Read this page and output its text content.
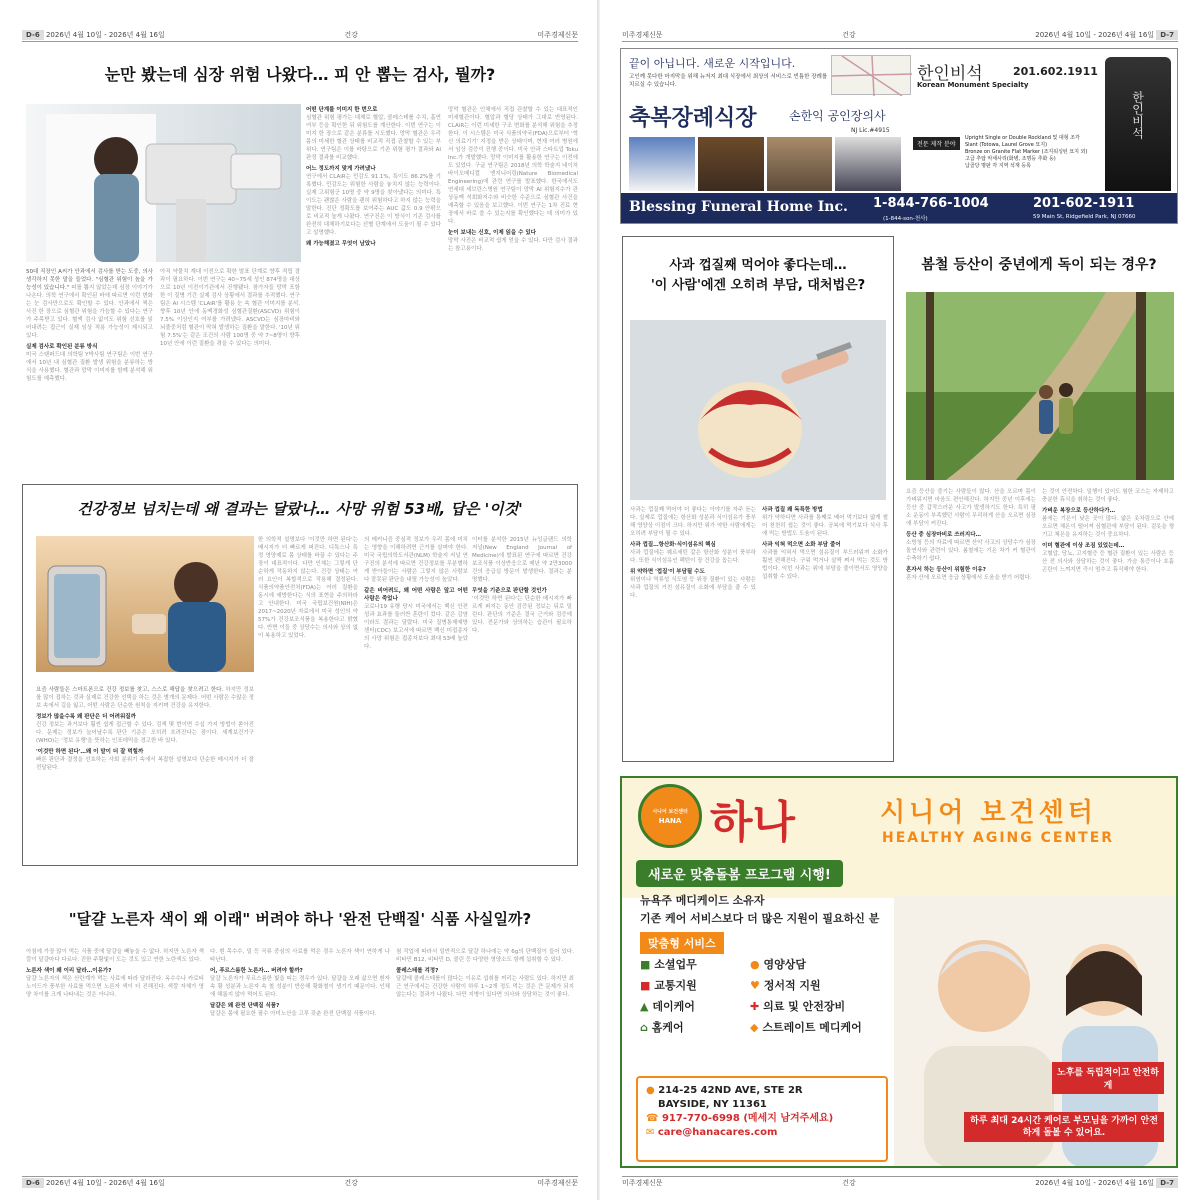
D-6 2026년 4월 10일 - 2026년 4월 16일	건강	미주경제신문
눈만 봤는데 심장 위험 나왔다… 피 안 뽑는 검사, 뭘까?
50대 직장인 A씨가 안과에서 검사를 받는 도중, 의사 생각하지 못한 말을 들었다. "심혈관 위험이 높을 가능성이 있습니다." 피를 뽑지 않았는데 심장 이야기가 나온다. 의학 연구에서 확인된 바에 따르면 이런 변화는 눈 검사만으로도 확인할 수 있다. 안과에서 찍은 사진 한 장으로 심혈관 위험을 가늠할 수 있다는 연구가 주목받고 있다. 혈액 검사 없이도 위험 신호를 읽어내려는 접근이 실제 임상 적용 가능성이 제시되고 있다.
실제 검사로 확인된 분류 방식
미국 스탠퍼드대 의학팀 Y박사팀 연구팀은 이번 연구에서 10년 내 심혈관 질환 발생 위험을 분류하는 방식을 사용했다. 혈관과 망막 이미지를 함께 분석해 위험도를 예측했다.
아직 약물치 계대 이전으로 확한 발표 단계로 향후 적립 결과이 필요하다. 이번 연구는 40~75세 성인 874명을 대상으로 10년 이전이기관에서 진행됐다. 참가자들 망막 포함한 이 질병 기간 실제 검사 상황에서 결과를 추적했다. 연구팀은 AI 시스템 'CLAiR'를 활용 눈 속 혈관 이미지를 분석, 향후 10년 안에 동맥경화성 심혈관질환(ASCVD) 위험이 7.5% 이상인지 여부를 가려냈다. ASCVD는 심장마비와 뇌졸중처럼 혈관이 막혀 발생하는 질환을 말한다. '10년 위험 7.5%'는 같은 조건의 사람 100명 중 약 7~8명이 향후 10년 안에 이런 질환을 겪을 수 있다는 의미다.
어떤 단계를 이미지 한 번으로
심혈관 위험 평가는 대체로 혈압, 콜레스테롤 수치, 흡연 여부 등을 확인한 뒤 위험도를 계산한다. 이번 연구는 이미지 한 장으로 같은 분류를 시도했다. 망막 혈관은 우리 몸의 미세한 혈관 상태를 비교적 직접 관찰할 수 있는 부위다. 연구팀은 이를 바탕으로 기존 위험 평가 결과와 AI 판정 결과를 비교했다.
어느 정도까지 맞게 가려냈나
연구에서 CLAiR는 민감도 91.1%, 특이도 86.2%를 기록했다. 민감도는 위험한 사람을 놓치지 않는 능력이다. 실제 고위험군 10명 중 약 9명을 찾아냈다는 의미다. 특이도는 괜찮은 사람을 괜히 위험하다고 하지 않는 능력을 말한다. 진단 정확도를 보여주는 AUC 값도 0.9 안팎으로 비교적 높게 나왔다. 연구진은 이 방식이 기존 검사를 완전히 대체하기보다는 선별 단계에서 도움이 될 수 있다고 설명했다.
왜 가능해졌고 무엇이 남았나
망막 혈관은 인체에서 직접 관찰할 수 있는 대표적인 미세혈관이다. 혈압과 혈당 상태가 그대로 반영된다. CLAiR는 이런 미세한 구조 변화를 분석해 위험을 추정한다. 이 시스템은 미국 식품의약국(FDA)으로부터 '혁신 의료기기' 지정을 받은 상태이며, 현재 여러 병원에서 임상 검증이 진행 중이다. 미국 안과 스타트업 Toku Inc.가 개발했다. 망막 이미지를 활용한 연구는 이전에도 있었다. 구글 연구팀은 2018년 의학 학술지 네이처 바이오메디컬 엔지니어링(Nature Biomedical Engineering)에 관련 연구를 발표했다. 한국에서도 연세대 세브란스병원 연구팀이 망막 AI 위험지수가 관상동맥 석회화지수와 비슷한 수준으로 심혈관 사건을 예측할 수 있음을 보고했다. 이번 연구는 1차 진료 현장에서 바로 쓸 수 있는지를 확인했다는 데 의미가 있다.
눈이 보내는 신호, 이제 읽을 수 있다
망막 사진은 비교적 쉽게 얻을 수 있다. 다만 검사 결과는 참고용이다.
건강정보 넘치는데 왜 결과는 달랐나… 사망 위험 53배, 답은 '이것'
요즘 사람들은 스마트폰으로 건강 정보를 찾고, 스스로 해답을 찾으려고 한다. 하지만 정보를 많이 접하는 것과 실제로 건강한 선택을 하는 것은 별개의 문제다. 어떤 사람은 수많은 정보 속에서 길을 잃고, 어떤 사람은 단순한 원칙을 지키며 건강을 유지한다.
정보가 많을수록 왜 판단은 더 어려워질까
건강 정보는 과거보다 훨씬 쉽게 접근할 수 있다. 검색 몇 번이면 수십 가지 방법이 쏟아진다. 문제는 정보가 늘어날수록 판단 기준은 오히려 흐려진다는 점이다. 세계보건기구(WHO)는 '정보 유행'을 뜻하는 인포데믹을 경고한 바 있다.
'이것만 하면 된다'…왜 이 말이 더 잘 먹힐까
빠른 판단과 결정을 선호하는 사회 분위기 속에서 복잡한 설명보다 단순한 메시지가 더 잘 전달된다.
한 의학적 설명보다 '이것만 하면 된다'는 메시지가 더 빠르게 퍼진다. 디톡스나 특정 영양제로 몸 상태를 바꿀 수 있다는 주장이 대표적이다. 다만 인체는 그렇게 단순하게 작동하지 않는다. 건강 상태는 여러 요인이 복합적으로 작용해 결정된다. 식품의약품안전처(FDA)는 여러 질환을 동시에 예방한다는 식의 표현을 주의하라고 안내한다. 미국 국립보건원(NIH)은 2017~2020년 자료에서 미국 성인의 약 57%가 건강보조식품을 복용한다고 밝혔다. 반면 이들 중 상당수는 의사와 상의 없이 복용하고 있었다.
의 메커니즘 중심적 정보가 우리 몸에 미치는 영향을 이해하려면 근거를 살펴야 한다. 미국 국립의학도서관(NLM) 학술지 저널 연구진의 분석에 따르면 건강정보를 무분별하게 받아들이는 사람은 그렇지 않은 사람보다 잘못된 판단을 내릴 가능성이 높았다.
같은 비어려도, 왜 어떤 사람은 앞고 어떤 사람은 죽었나
코로나19 유행 당시 미국에서는 백신 안전성과 효과를 둘러싼 혼란이 컸다. 같은 감염이라도 결과는 달랐다. 미국 질병통제예방센터(CDC) 보고서에 따르면 백신 미접종자의 사망 위험은 접종자보다 최대 53배 높았다.
이터를 분석한 2015년 뉴잉글랜드 의학 저널(New England Journal of Medicine)에 발표된 연구에 따르면 건강보조식품 이상반응으로 매년 약 2만3000건의 응급실 방문이 발생한다. 결과는 분명했다.
무엇을 기준으로 판단할 것인가
'이것만 하면 된다'는 단순한 메시지가 빠르게 퍼지는 동안 검증된 정보는 뒤로 밀린다. 판단의 기준은 결국 근거와 검증에 있다. 전문가와 상의하는 습관이 필요하다.
"달걀 노른자 색이 왜 이래" 버려야 하나 '완전 단백질' 식품 사실일까?
아침에 가장 많이 먹는 식품 중에 달걀을 빼놓을 수 없다. 하지만 노른자 색깔이 달걀마다 다르다. 진한 주황빛이 도는 것도 있고 연한 노란색도 있다.
노른자 색이 왜 이리 달라…이유가?
달걀 노른자의 색은 산란계가 먹는 사료에 따라 달라진다. 옥수수나 카로티노이드가 풍부한 사료를 먹으면 노른자 색이 더 진해진다. 색깔 자체가 영양 차이를 크게 나타내는 것은 아니다.
다. 흰 목수수, 밀 등 곡류 중심의 사료를 먹은 경우 노른자 색이 연하게 나타난다.
어, 푸르스름한 노른자… 버려야 할까?
달걀 노른자가 푸르스름한 빛을 띠는 경우가 있다. 달걀을 오래 삶으면 흰자 속 황 성분과 노른자 속 철 성분이 반응해 황화철이 생기기 때문이다. 인체에 해롭지 않아 먹어도 된다.
달걀은 왜 완전 단백질 식품?
달걀은 몸에 필요한 필수 아미노산을 고루 갖춘 완전 단백질 식품이다.
첨 작업에 따라서 일반적으로 달걀 하나에는 약 6g의 단백질이 들어 있다. 비타민 B12, 비타민 D, 콜린 등 다양한 영양소도 함께 섭취할 수 있다.
콜레스테롤 걱정?
달걀에 콜레스테롤이 많다는 이유로 섭취를 꺼리는 사람도 있다. 하지만 최근 연구에서는 건강한 사람이 하루 1~2개 정도 먹는 것은 큰 문제가 되지 않는다는 결과가 나왔다. 다만 지병이 있다면 의사와 상담하는 것이 좋다.
D-6 2026년 4월 10일 - 2026년 4월 16일	건강	미주경제신문
미주경제신문	건강	2026년 4월 10일 - 2026년 4월 16일 D-7
미주경제신문	건강	2026년 4월 10일 - 2026년 4월 16일 D-7
끝이 아닙니다. 새로운 시작입니다.
고인께 못다한 마지막을 위해 뉴저지 최대 식장에서 최상의 서비스로 빈틈한 장례를 치르실 수 있습니다.
축복장례식장	손한익 공인장의사
NJ Lic.#4915
한인비석	201.602.1911
Korean Monument Specialty
전문 제작 분야
Upright Single or Double Rockland 및 대형 조각
Slant (Totowa, Laurel Grove 묘지)
Bronze on Granite Flat Marker (조지워싱턴 묘지 외)
고급 추탑 악세사리(화병, 조명등 추화 등)
납골당 명판 각 지역 석재 등록
한인비석
Blessing Funeral Home Inc. 1-844-766-1004
(1-844-son-천사)
201-602-1911
59 Main St, Ridgefield Park, NJ 07660
사과 껍질째 먹어야 좋다는데…
'이 사람'에겐 오히려 부담, 대처법은?
사과는 껍질째 먹어야 더 좋다는 이야기를 자주 듣는다. 실제로 껍질에는 항산화 성분과 식이섬유가 풍부해 영양상 이점이 크다. 하지만 위가 약한 사람에게는 오히려 부담이 될 수 있다.
사과 껍질…항산화·식이섬유의 핵심
사과 껍질에는 퀘르세틴 같은 항산화 성분이 풍부하다. 또한 식이섬유인 펙틴이 장 건강을 돕는다.
위 약하면 '껍질'이 부담될 수도
위염이나 역류성 식도염 등 위장 질환이 있는 사람은 사과 껍질의 거친 섬유질이 소화에 부담을 줄 수 있다.
사과 껍질 왜 독특한 방법
위가 약하다면 사과를 통째로 베어 먹기보다 얇게 썰어 천천히 씹는 것이 좋다. 공복에 먹기보다 식사 후에 먹는 방법도 도움이 된다.
사과 익혀 먹으면 소화 부담 줄어
사과를 익혀서 먹으면 섬유질이 부드러워져 소화가 훨씬 편해진다. 구워 먹거나 살짝 쪄서 먹는 것도 방법이다. 익힌 사과는 위에 부담을 줄이면서도 영양을 섭취할 수 있다.
봄철 등산이 중년에게 독이 되는 경우?
요즘 등산을 즐기는 사람들이 많다. 산을 오르며 몸이 가벼워지면 마음도 편안해진다. 하지만 중년 이후에는 등산 중 갑작스러운 사고가 발생하기도 한다. 특히 평소 운동이 부족했던 사람이 무리하게 산을 오르면 심장에 부담이 커진다.
등산 중 심장마비로 쓰러지다…
소방청 등의 자료에 따르면 산악 사고의 상당수가 심장 돌연사와 관련이 있다. 봄철에는 기온 차가 커 혈관이 수축하기 쉽다.
혼자서 하는 등산이 위험한 이유?
혼자 산에 오르면 응급 상황에서 도움을 받기 어렵다.
는 것이 안전하다. 일행이 있어도 험한 코스는 자제하고 충분한 휴식을 취하는 것이 좋다.
가벼운 복장으로 등산하다가…
봄에는 기온이 낮은 곳이 많다. 얇은 옷차림으로 산에 오르면 체온이 떨어져 심혈관에 부담이 된다. 겉옷을 챙기고 체온을 유지하는 것이 중요하다.
이미 혈관에 이상 조짐 있었는데…
고혈압, 당뇨, 고지혈증 등 혈관 질환이 있는 사람은 등산 전 의사와 상담하는 것이 좋다. 가슴 통증이나 호흡 곤란이 느껴지면 즉시 멈추고 휴식해야 한다.
시니어 보건센터
HANA 하나	시니어 보건센터
HEALTHY AGING CENTER
새로운 맞춤돌봄 프로그램 시행!
뉴욕주 메디케이드 소유자
기존 케어 서비스보다 더 많은 지원이 필요하신 분
맞춤형 서비스
■ 소셜업무	● 영양상담
■ 교통지원	♥ 정서적 지원
▲ 데이케어	✚ 의료 및 안전장비
⌂ 홈케어	◆ 스트레이트 메디케어
● 214-25 42ND AVE, STE 2R
BAYSIDE, NY 11361
☎ 917-770-6998 (메세지 남겨주세요)
✉ care@hanacares.com
노후를 독립적이고 안전하게
하루 최대 24시간 케어로 부모님을 가까이 안전하게 돌볼 수 있어요.
